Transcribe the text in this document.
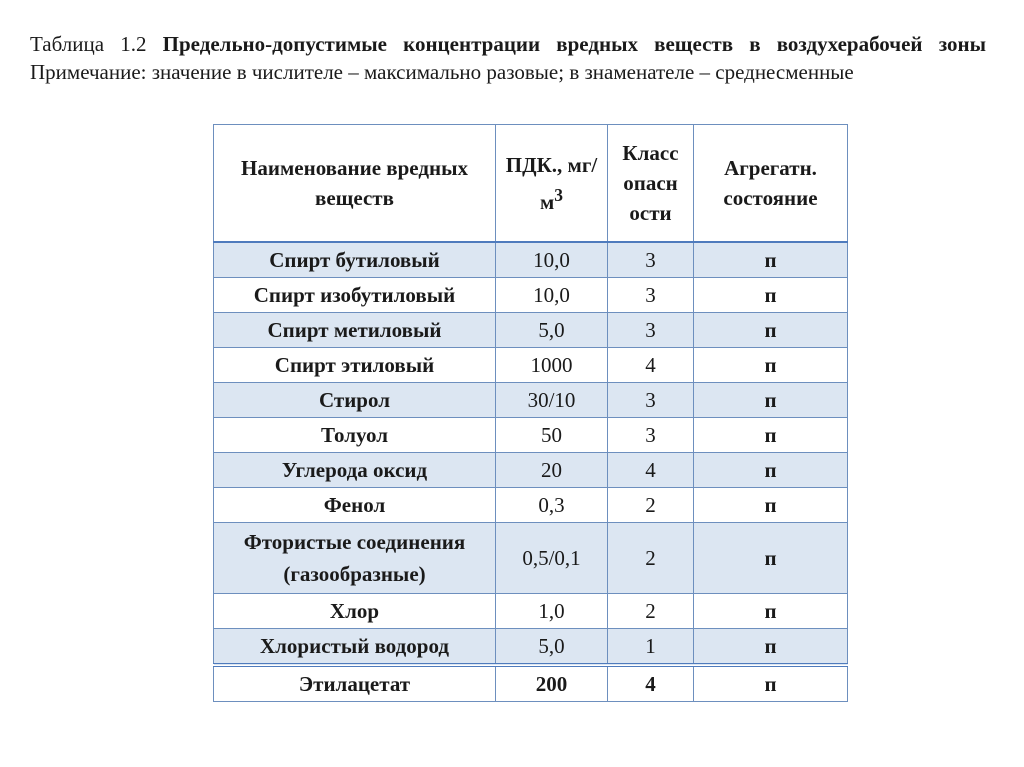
Таблица 1.2 Предельно-допустимые концентрации вредных веществ в воздухерабочей зоны Примечание: значение в числителе – максимально разовые; в знаменателе – среднесменные
Наименование вредных веществ	ПДК., $мг/м^3$	Класс опасн ости	Агрегатн. состояние
Спирт бутиловый	10,0	3	п
Спирт изобутиловый	10,0	3	п
Спирт метиловый	5,0	3	п
Спирт этиловый	1000	4	п
Стирол	30/10	3	п
Толуол	50	3	п
Углерода оксид	20	4	п
Фенол	0,3	2	п
Фтористые соединения (газообразные)	0,5/0,1	2	п
Хлор	1,0	2	п
Хлористый водород	5,0	1	п
Этилацетат	200	4	п
